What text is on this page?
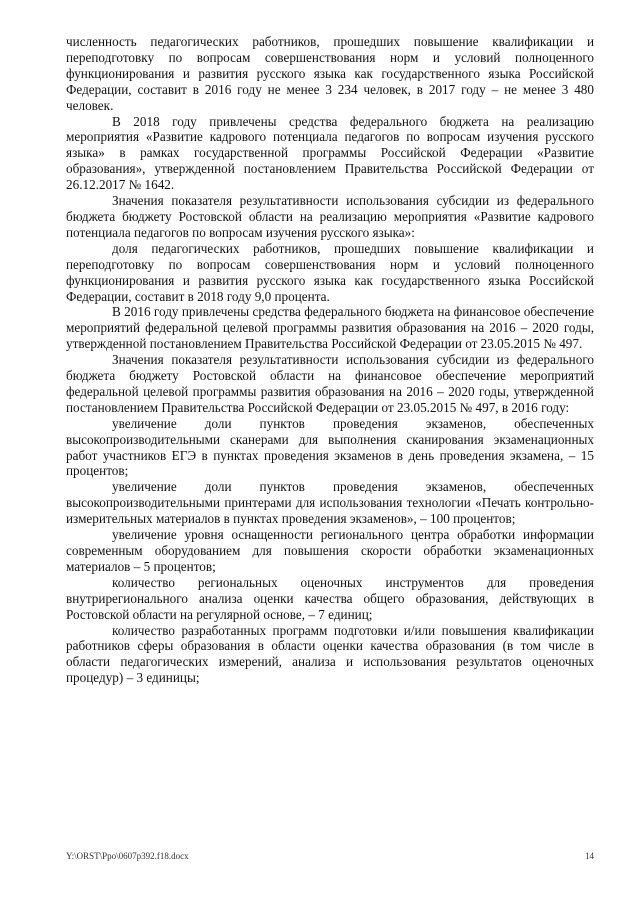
численность педагогических работников, прошедших повышение квалификации и переподготовку по вопросам совершенствования норм и условий полноценного функционирования и развития русского языка как государственного языка Российской Федерации, составит в 2016 году не менее 3 234 человек, в 2017 году – не менее 3 480 человек.

В 2018 году привлечены средства федерального бюджета на реализацию мероприятия «Развитие кадрового потенциала педагогов по вопросам изучения русского языка» в рамках государственной программы Российской Федерации «Развитие образования», утвержденной постановлением Правительства Российской Федерации от 26.12.2017 № 1642.

Значения показателя результативности использования субсидии из федерального бюджета бюджету Ростовской области на реализацию мероприятия «Развитие кадрового потенциала педагогов по вопросам изучения русского языка»:

доля педагогических работников, прошедших повышение квалификации и переподготовку по вопросам совершенствования норм и условий полноценного функционирования и развития русского языка как государственного языка Российской Федерации, составит в 2018 году 9,0 процента.

В 2016 году привлечены средства федерального бюджета на финансовое обеспечение мероприятий федеральной целевой программы развития образования на 2016 – 2020 годы, утвержденной постановлением Правительства Российской Федерации от 23.05.2015 № 497.

Значения показателя результативности использования субсидии из федерального бюджета бюджету Ростовской области на финансовое обеспечение мероприятий федеральной целевой программы развития образования на 2016 – 2020 годы, утвержденной постановлением Правительства Российской Федерации от 23.05.2015 № 497, в 2016 году:

увеличение доли пунктов проведения экзаменов, обеспеченных высокопроизводительными сканерами для выполнения сканирования экзаменационных работ участников ЕГЭ в пунктах проведения экзаменов в день проведения экзамена, – 15 процентов;

увеличение доли пунктов проведения экзаменов, обеспеченных высокопроизводительными принтерами для использования технологии «Печать контрольно-измерительных материалов в пунктах проведения экзаменов», – 100 процентов;

увеличение уровня оснащенности регионального центра обработки информации современным оборудованием для повышения скорости обработки экзаменационных материалов – 5 процентов;

количество региональных оценочных инструментов для проведения внутрирегионального анализа оценки качества общего образования, действующих в Ростовской области на регулярной основе, – 7 единиц;

количество разработанных программ подготовки и/или повышения квалификации работников сферы образования в области оценки качества образования (в том числе в области педагогических измерений, анализа и использования результатов оценочных процедур) – 3 единицы;

Y:\ORST\Ppo\0607p392.f18.docx	14
